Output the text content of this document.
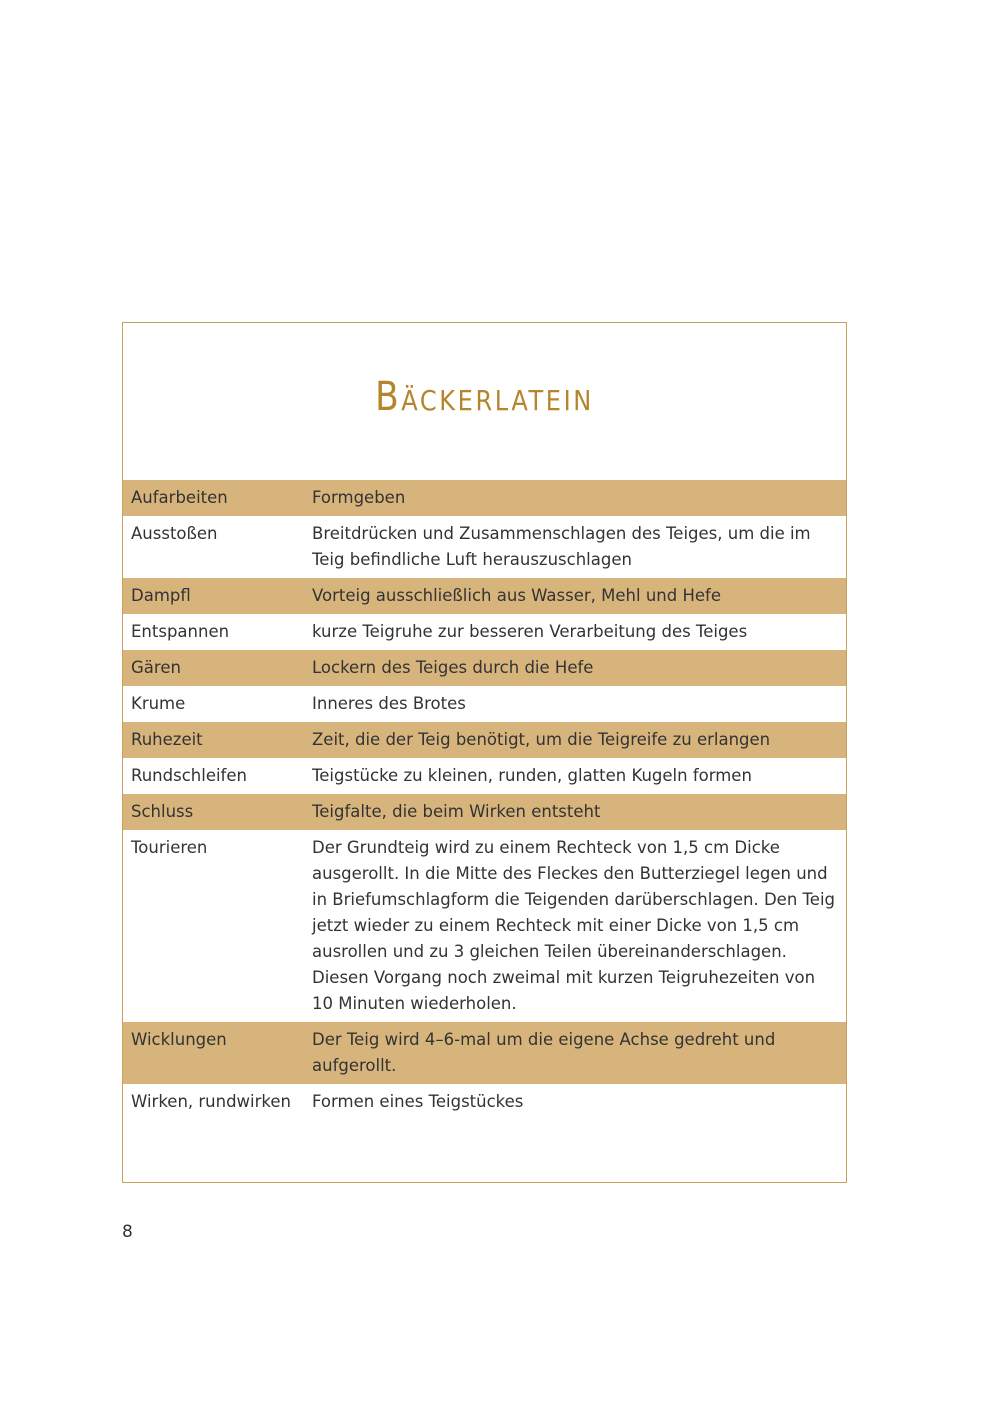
Bäckerlatein
Aufarbeiten	Formgeben
Ausstoßen	Breitdrücken und Zusammenschlagen des Teiges, um die im Teig befindliche Luft herauszuschlagen
Dampfl	Vorteig ausschließlich aus Wasser, Mehl und Hefe
Entspannen	kurze Teigruhe zur besseren Verarbeitung des Teiges
Gären	Lockern des Teiges durch die Hefe
Krume	Inneres des Brotes
Ruhezeit	Zeit, die der Teig benötigt, um die Teigreife zu erlangen
Rundschleifen	Teigstücke zu kleinen, runden, glatten Kugeln formen
Schluss	Teigfalte, die beim Wirken entsteht
Tourieren	Der Grundteig wird zu einem Rechteck von 1,5 cm Dicke ausgerollt. In die Mitte des Fleckes den Butterziegel legen und in Briefumschlagform die Teigenden darüberschlagen. Den Teig jetzt wieder zu einem Rechteck mit einer Dicke von 1,5 cm ausrollen und zu 3 gleichen Teilen übereinanderschlagen. Diesen Vorgang noch zweimal mit kurzen Teigruhezeiten von 10 Minuten wiederholen.
Wicklungen	Der Teig wird 4–6-mal um die eigene Achse gedreht und aufgerollt.
Wirken, rundwirken	Formen eines Teigstückes
8
